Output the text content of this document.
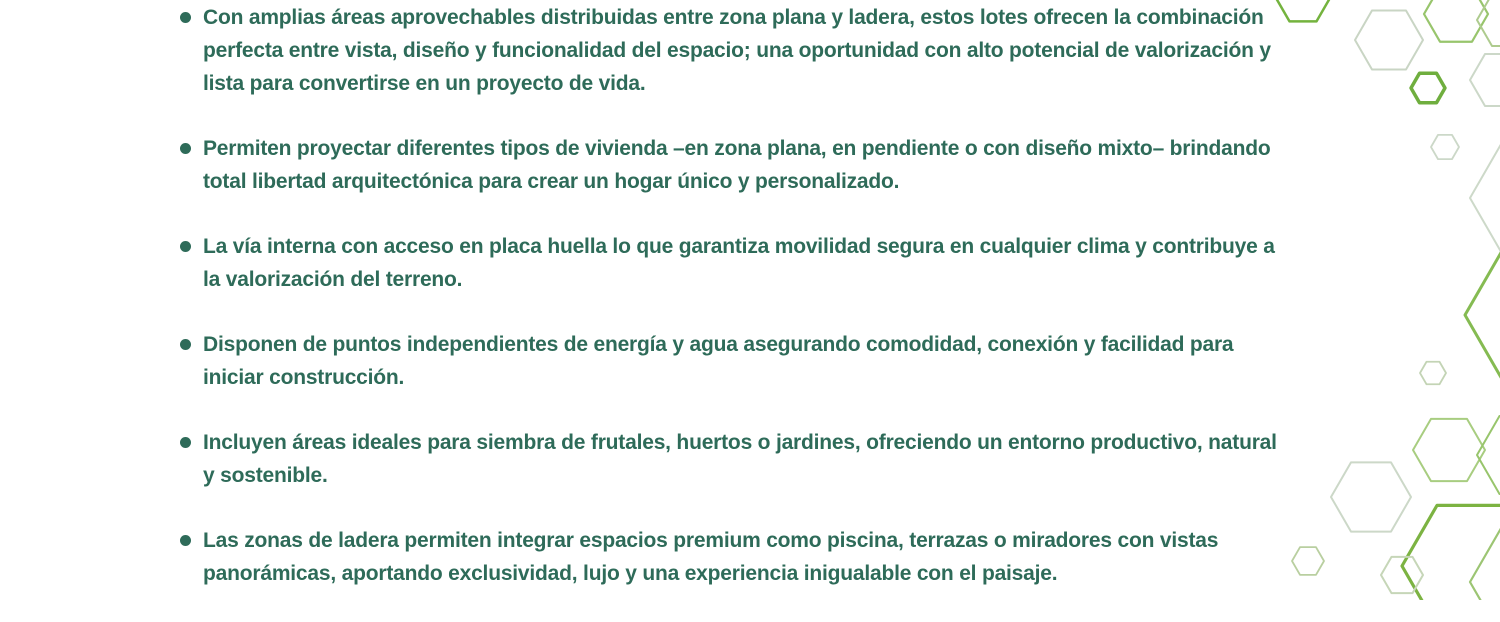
Con amplias áreas aprovechables distribuidas entre zona plana y ladera, estos lotes ofrecen la combinación perfecta entre vista, diseño y funcionalidad del espacio; una oportunidad con alto potencial de valorización y lista para convertirse en un proyecto de vida.
Permiten proyectar diferentes tipos de vivienda –en zona plana, en pendiente o con diseño mixto– brindando total libertad arquitectónica para crear un hogar único y personalizado.
La vía interna con acceso en placa huella lo que garantiza movilidad segura en cualquier clima y contribuye a la valorización del terreno.
Disponen de puntos independientes de energía y agua asegurando comodidad, conexión y facilidad para iniciar construcción.
Incluyen áreas ideales para siembra de frutales, huertos o jardines, ofreciendo un entorno productivo, natural y sostenible.
Las zonas de ladera permiten integrar espacios premium como piscina, terrazas o miradores con vistas panorámicas, aportando exclusividad, lujo y una experiencia inigualable con el paisaje.
